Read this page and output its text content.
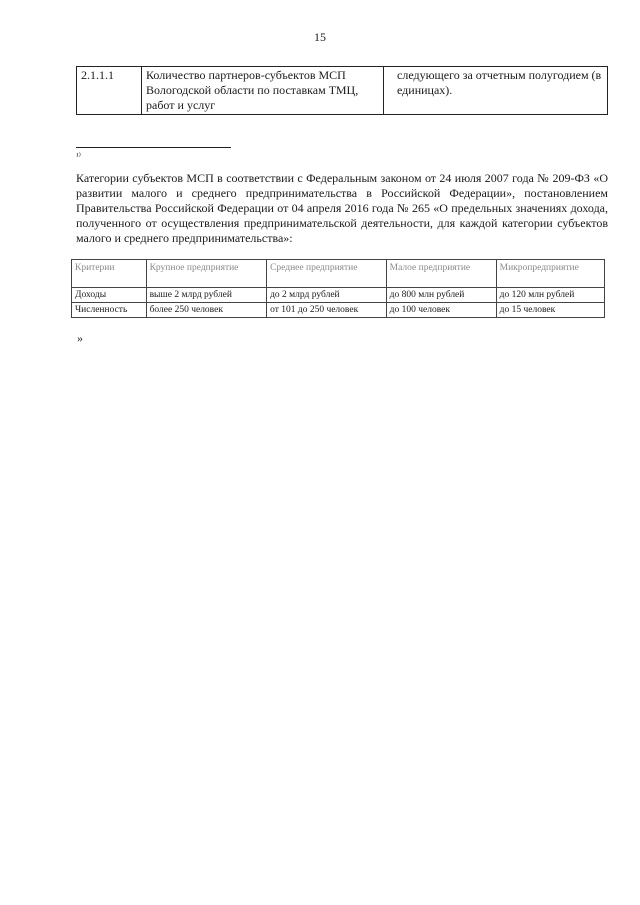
15
2.1.1.1	Количество партнеров-субъектов МСП Вологодской области по поставкам ТМЦ, работ и услуг	следующего за отчетным полугодием (в единицах).
¹⁾
Категории субъектов МСП в соответствии с Федеральным законом от 24 июля 2007 года № 209-ФЗ «О развитии малого и среднего предпринимательства в Российской Федерации», постановлением Правительства Российской Федерации от 04 апреля 2016 года № 265 «О предельных значениях дохода, полученного от осуществления предпринимательской деятельности, для каждой категории субъектов малого и среднего предпринимательства»:
Критерии	Крупное предприятие	Среднее предприятие	Малое предприятие	Микропредприятие
Доходы	выше 2 млрд рублей	до 2 млрд рублей	до 800 млн рублей	до 120 млн рублей
Численность	более 250 человек	от 101 до 250 человек	до 100 человек	до 15 человек
»
